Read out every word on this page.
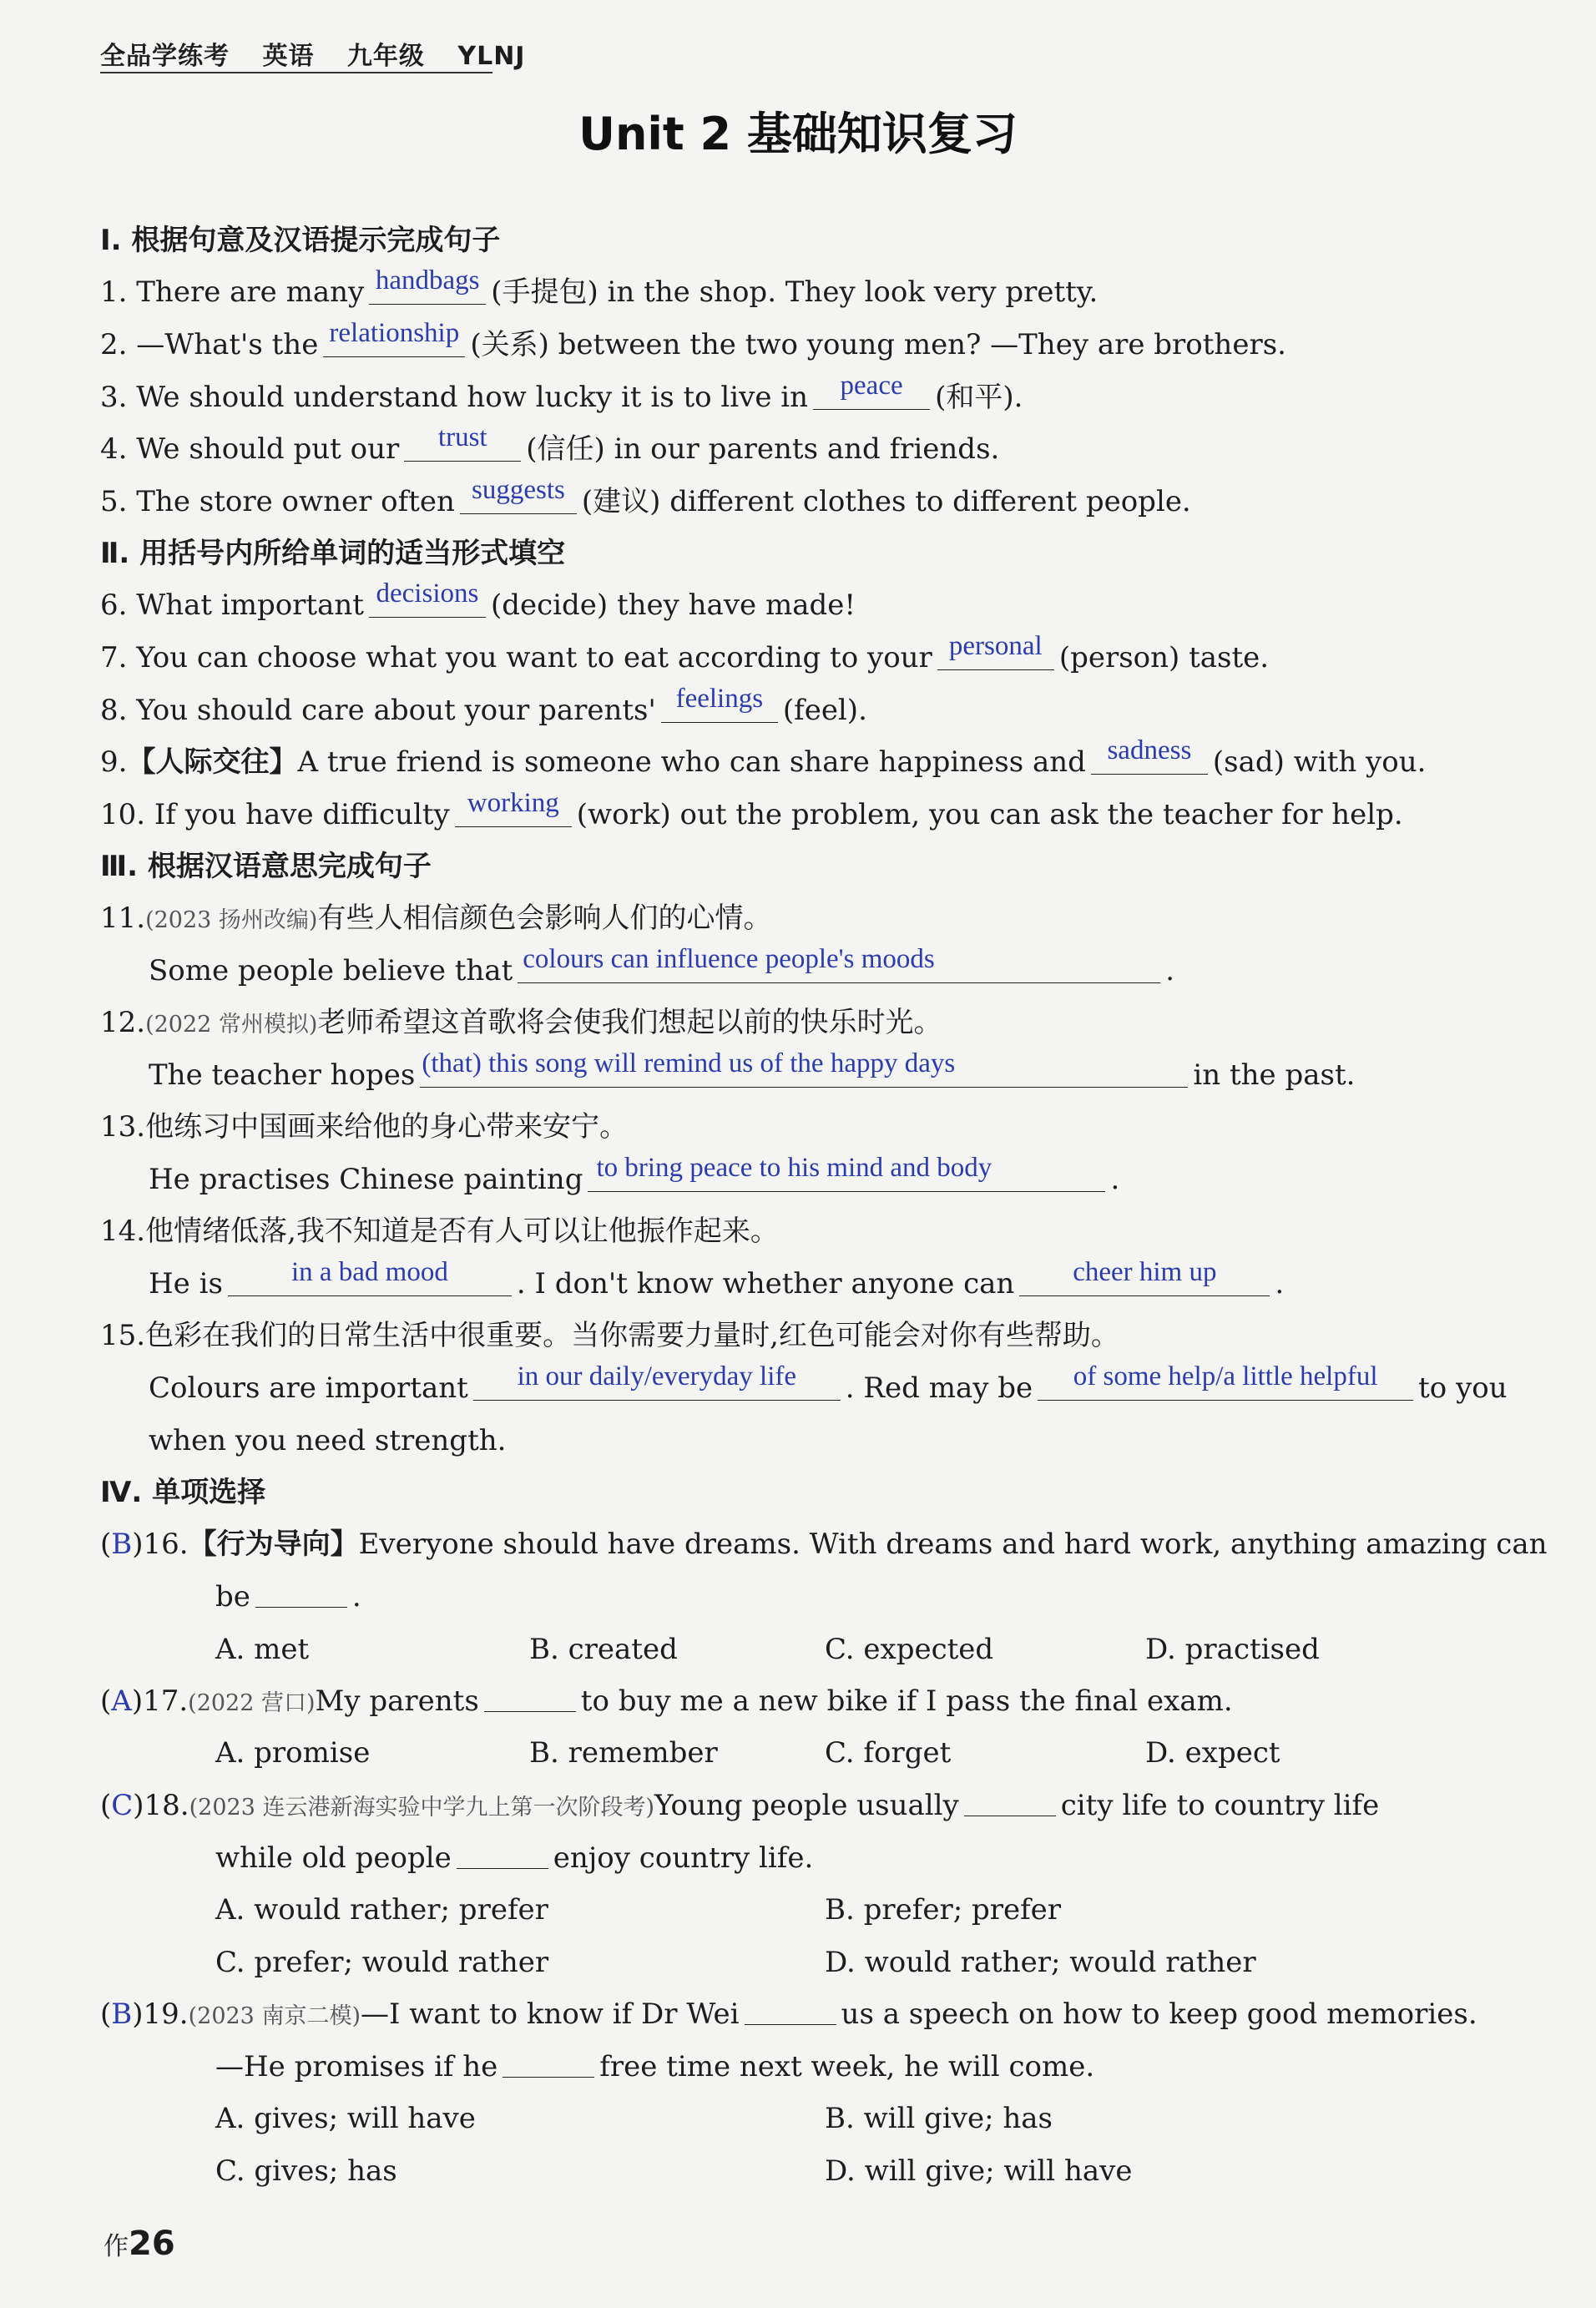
全品学练考 英语 九年级 YLNJ
Unit 2 基础知识复习
Ⅰ. 根据句意及汉语提示完成句子
1. There are many handbags (手提包) in the shop. They look very pretty.
2. —What's the relationship (关系) between the two young men? —They are brothers.
3. We should understand how lucky it is to live in	peace	(和平).
4. We should put our	trust	(信任) in our parents and friends.
5. The store owner often suggests (建议) different clothes to different people.
Ⅱ. 用括号内所给单词的适当形式填空
6. What important decisions (decide) they have made!
7. You can choose what you want to eat according to your personal (person) taste.
8. You should care about your parents' feelings (feel).
9.【人际交往】A true friend is someone who can share happiness and sadness (sad) with you.
10. If you have difficulty working (work) out the problem, you can ask the teacher for help.
Ⅲ. 根据汉语意思完成句子
11.(2023 扬州改编)有些人相信颜色会影响人们的心情。
Some people believe that colours can influence people's moods	.
12.(2022 常州模拟)老师希望这首歌将会使我们想起以前的快乐时光。
The teacher hopes (that) this song will remind us of the happy days	in the past.
13.他练习中国画来给他的身心带来安宁。
He practises Chinese painting to bring peace to his mind and body	.
14.他情绪低落,我不知道是否有人可以让他振作起来。
He is	in a bad mood	. I don't know whether anyone can	cheer him up	.
15.色彩在我们的日常生活中很重要。当你需要力量时,红色可能会对你有些帮助。
Colours are important	in our daily/everyday life	. Red may be	of some help/a little helpful	to you
when you need strength.
Ⅳ. 单项选择
(B)16.【行为导向】Everyone should have dreams. With dreams and hard work, anything amazing can
be	.
A. met	B. created	C. expected	D. practised
(A)17.(2022 营口)My parents	to buy me a new bike if I pass the final exam.
A. promise	B. remember	C. forget	D. expect
(C)18.(2023 连云港新海实验中学九上第一次阶段考)Young people usually	city life to country life
while old people	enjoy country life.
A. would rather; prefer	B. prefer; prefer
C. prefer; would rather	D. would rather; would rather
(B)19.(2023 南京二模)—I want to know if Dr Wei	us a speech on how to keep good memories.
—He promises if he	free time next week, he will come.
A. gives; will have	B. will give; has
C. gives; has	D. will give; will have
作26
